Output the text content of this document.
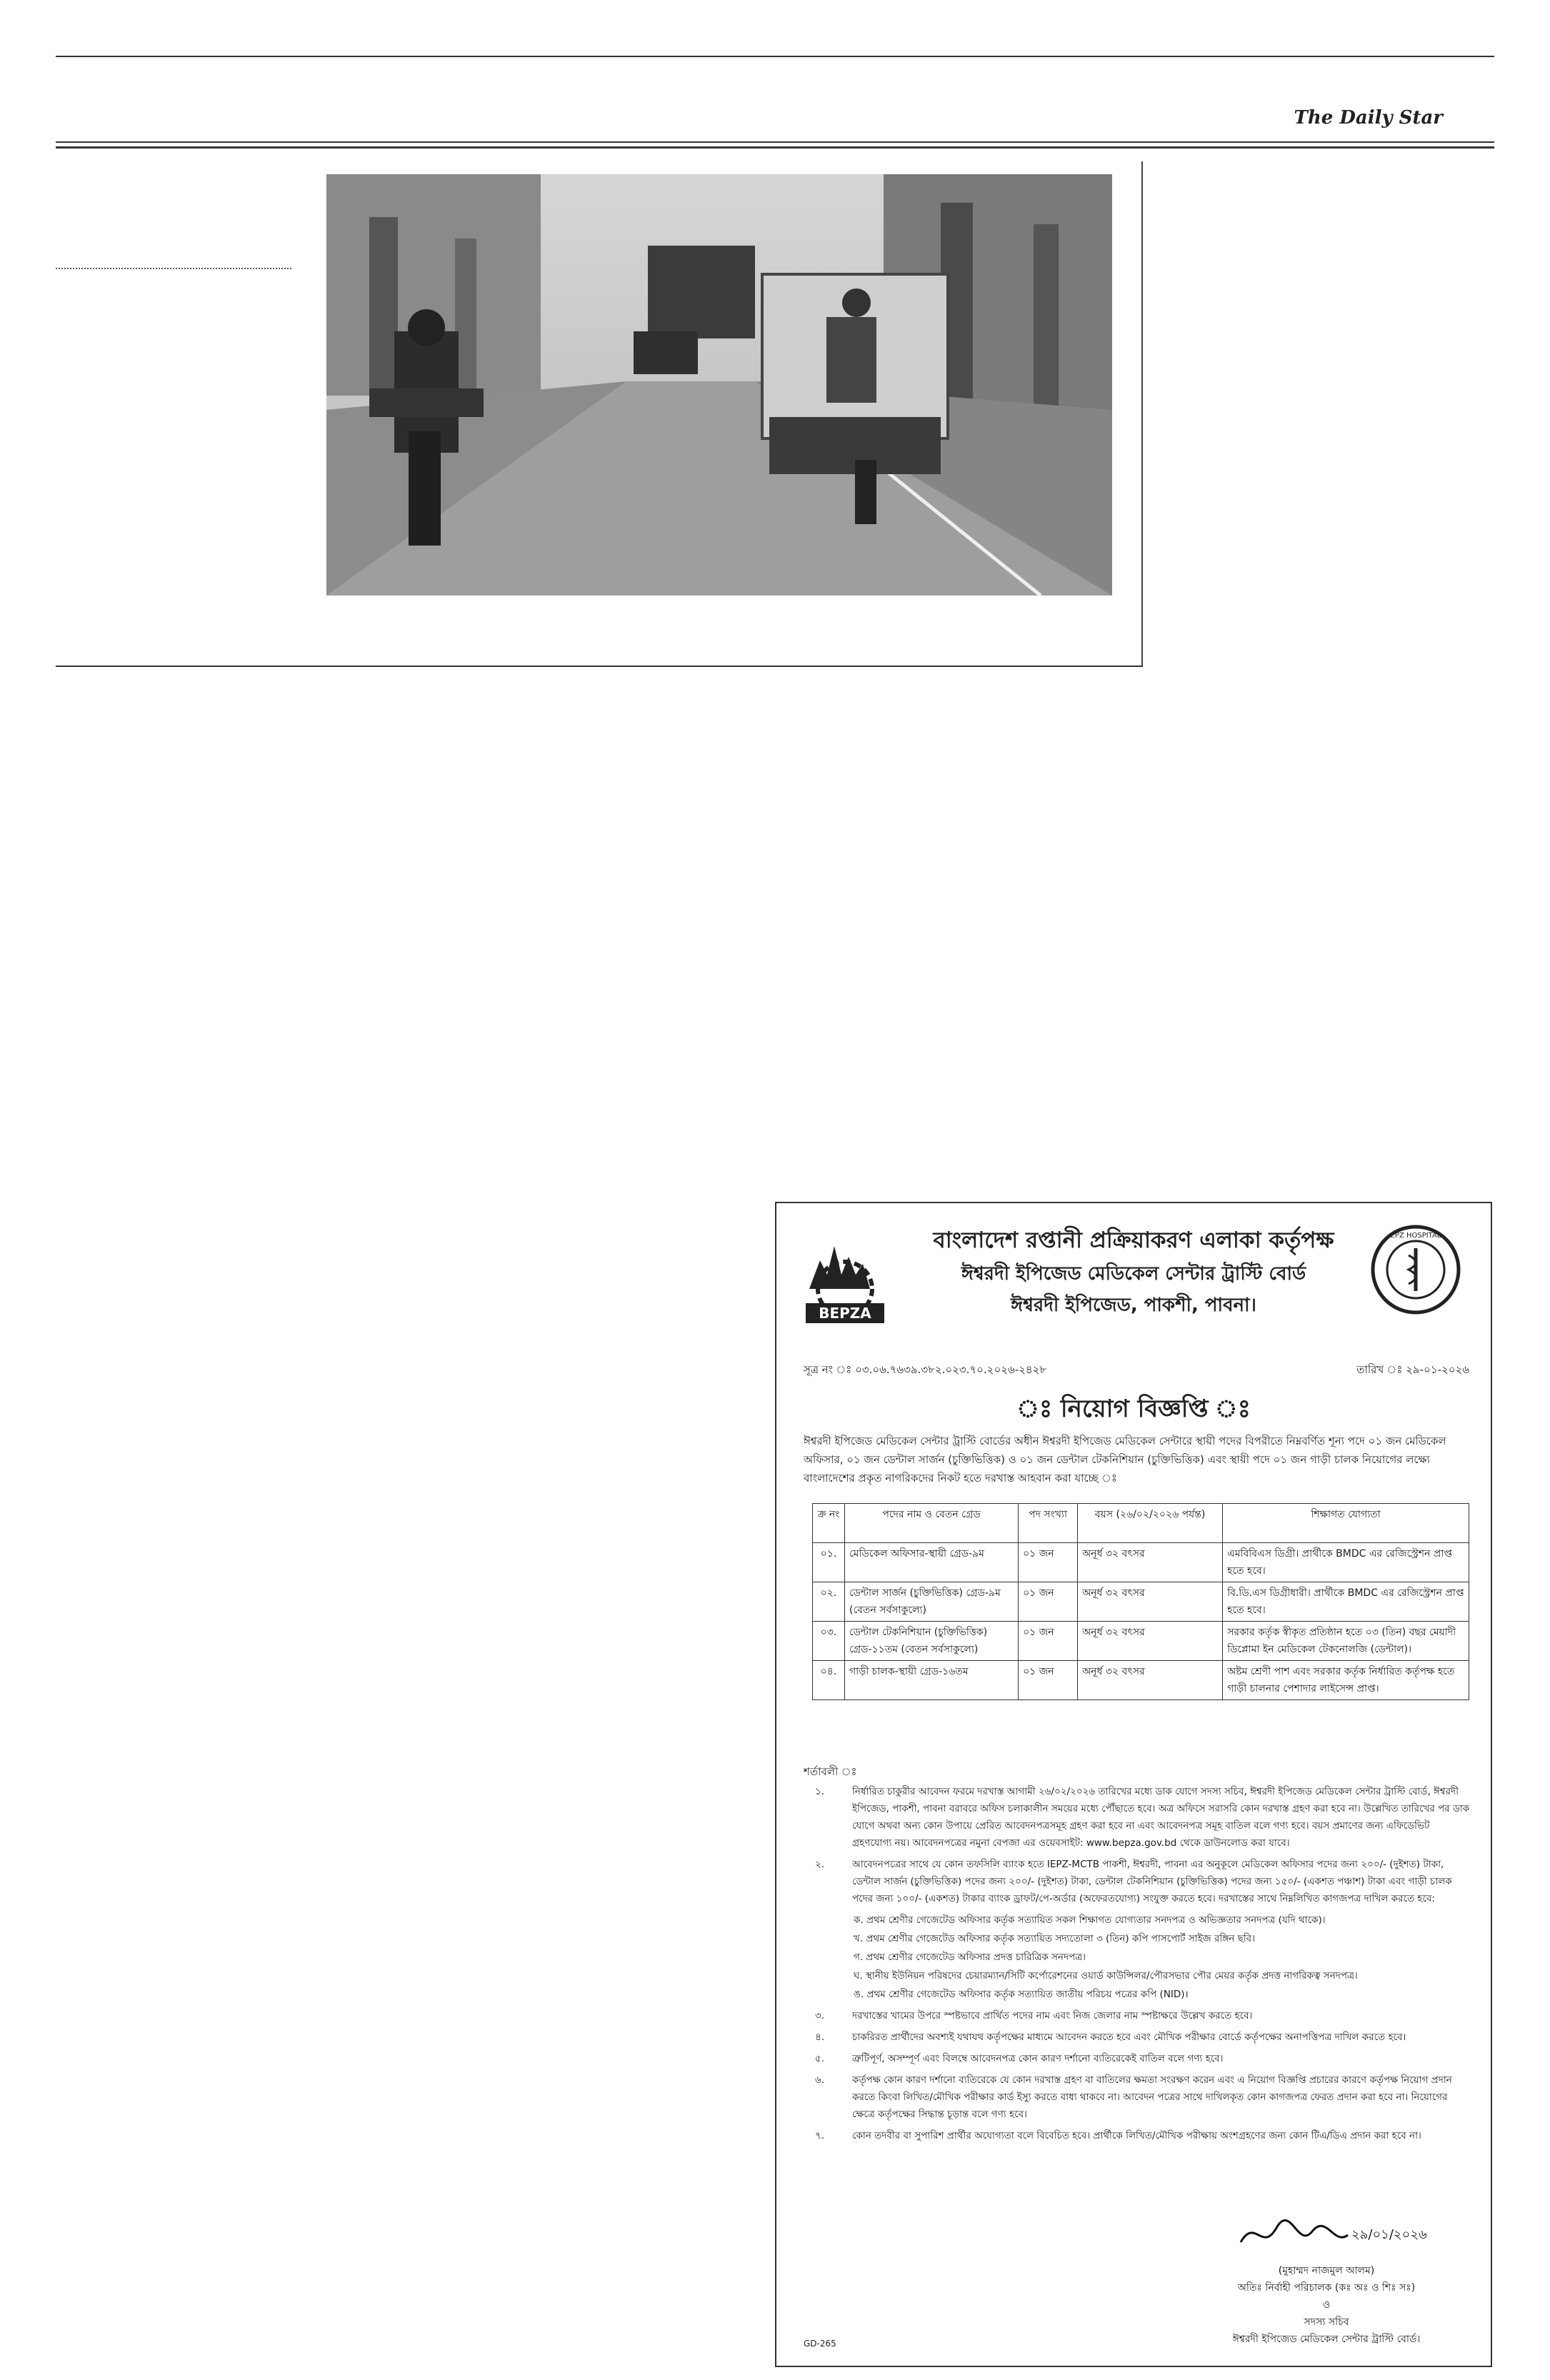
The Daily Star
BEPZA
বাংলাদেশ রপ্তানী প্রক্রিয়াকরণ এলাকা কর্তৃপক্ষ
ঈশ্বরদী ইপিজেড মেডিকেল সেন্টার ট্রাস্টি বোর্ড
ঈশ্বরদী ইপিজেড, পাকশী, পাবনা।
EPZ HOSPITAL
সূত্র নং ঃ ০৩.০৬.৭৬৩৯.৩৮২.০২৩.৭০.২০২৬-২৪২৮	তারিখ ঃ ২৯-০১-২০২৬
ঃ নিয়োগ বিজ্ঞপ্তি ঃ
ঈশ্বরদী ইপিজেড মেডিকেল সেন্টার ট্রাস্টি বোর্ডের অধীন ঈশ্বরদী ইপিজেড মেডিকেল সেন্টারে স্থায়ী পদের বিপরীতে নিম্নবর্ণিত শূন্য পদে ০১ জন মেডিকেল অফিসার, ০১ জন ডেন্টাল সার্জন (চুক্তিভিত্তিক) ও ০১ জন ডেন্টাল টেকনিশিয়ান (চুক্তিভিত্তিক) এবং স্থায়ী পদে ০১ জন গাড়ী চালক নিয়োগের লক্ষ্যে বাংলাদেশের প্রকৃত নাগরিকদের নিকট হতে দরখাস্ত আহবান করা যাচ্ছে ঃ
ক্র নং	পদের নাম ও বেতন গ্রেড	পদ সংখ্যা	বয়স (২৬/০২/২০২৬ পর্যন্ত)	শিক্ষাগত যোগ্যতা
০১.	মেডিকেল অফিসার-স্থায়ী গ্রেড-৯ম	০১ জন	অনূর্ধ ৩২ বৎসর	এমবিবিএস ডিগ্রী। প্রার্থীকে BMDC এর রেজিস্ট্রেশন প্রাপ্ত হতে হবে।
০২.	ডেন্টাল সার্জন (চুক্তিভিত্তিক) গ্রেড-৯ম (বেতন সর্বসাকুল্যে)	০১ জন	অনূর্ধ ৩২ বৎসর	বি.ডি.এস ডিগ্রীধারী। প্রার্থীকে BMDC এর রেজিস্ট্রেশন প্রাপ্ত হতে হবে।
০৩.	ডেন্টাল টেকনিশিয়ান (চুক্তিভিত্তিক) গ্রেড-১১তম (বেতন সর্বসাকুল্যে)	০১ জন	অনূর্ধ ৩২ বৎসর	সরকার কর্তৃক স্বীকৃত প্রতিষ্ঠান হতে ০৩ (তিন) বছর মেয়াদী ডিপ্লোমা ইন মেডিকেল টেকনোলজি (ডেন্টাল)।
০৪.	গাড়ী চালক-স্থায়ী গ্রেড-১৬তম	০১ জন	অনূর্ধ ৩২ বৎসর	অষ্টম শ্রেণী পাশ এবং সরকার কর্তৃক নির্ধারিত কর্তৃপক্ষ হতে গাড়ী চালনার পেশাদার লাইসেন্স প্রাপ্ত।
শর্তাবলী ঃ
১.	নির্ধারিত চাকুরীর আবেদন ফরমে দরখাস্ত আগামী ২৬/০২/২০২৬ তারিখের মধ্যে ডাক যোগে সদস্য সচিব, ঈশ্বরদী ইপিজেড মেডিকেল সেন্টার ট্রাস্টি বোর্ড, ঈশ্বরদী ইপিজেড, পাকশী, পাবনা বরাবরে অফিস চলাকালীন সময়ের মধ্যে পৌঁছাতে হবে। অত্র অফিসে সরাসরি কোন দরখাস্ত গ্রহণ করা হবে না। উল্লেখিত তারিখের পর ডাক যোগে অথবা অন্য কোন উপায়ে প্রেরিত আবেদনপত্রসমূহ গ্রহণ করা হবে না এবং আবেদনপত্র সমূহ বাতিল বলে গণ্য হবে। বয়স প্রমাণের জন্য এফিডেভিট গ্রহণযোগ্য নয়। আবেদনপত্রের নমুনা বেপজা এর ওয়েবসাইট: www.bepza.gov.bd থেকে ডাউনলোড করা যাবে।
২.	আবেদনপত্রের সাথে যে কোন তফসিলি ব্যাংক হতে IEPZ-MCTB পাকশী, ঈশ্বরদী, পাবনা এর অনুকূলে মেডিকেল অফিসার পদের জন্য ২০০/- (দুইশত) টাকা, ডেন্টাল সার্জন (চুক্তিভিত্তিক) পদের জন্য ২০০/- (দুইশত) টাকা, ডেন্টাল টেকনিশিয়ান (চুক্তিভিত্তিক) পদের জন্য ১৫০/- (একশত পঞ্চাশ) টাকা এবং গাড়ী চালক পদের জন্য ১০০/- (একশত) টাকার ব্যাংক ড্রাফট/পে-অর্ডার (অফেরতযোগ্য) সংযুক্ত করতে হবে। দরখাস্তের সাথে নিম্নলিখিত কাগজপত্র দাখিল করতে হবে:
ক. প্রথম শ্রেণীর গেজেটেড অফিসার কর্তৃক সত্যায়িত সকল শিক্ষাগত যোগ্যতার সনদপত্র ও অভিজ্ঞতার সনদপত্র (যদি থাকে)।
খ. প্রথম শ্রেণীর গেজেটেড অফিসার কর্তৃক সত্যায়িত সদ্যতোলা ৩ (তিন) কপি পাসপোর্ট সাইজ রঙ্গিন ছবি।
গ. প্রথম শ্রেণীর গেজেটেড অফিসার প্রদত্ত চারিত্রিক সনদপত্র।
ঘ. স্থানীয় ইউনিয়ন পরিষদের চেয়ারম্যান/সিটি কর্পোরেশনের ওয়ার্ড কাউন্সিলর/পৌরসভার পৌর মেয়র কর্তৃক প্রদত্ত নাগরিকত্ব সনদপত্র।
ঙ. প্রথম শ্রেণীর গেজেটেড অফিসার কর্তৃক সত্যায়িত জাতীয় পরিচয় পত্রের কপি (NID)।
৩.	দরখাস্তের খামের উপরে স্পষ্টভাবে প্রার্থিত পদের নাম এবং নিজ জেলার নাম স্পষ্টাক্ষরে উল্লেখ করতে হবে।
৪.	চাকরিরত প্রার্থীদের অবশ্যই যথাযথ কর্তৃপক্ষের মাধ্যমে আবেদন করতে হবে এবং মৌখিক পরীক্ষার বোর্ডে কর্তৃপক্ষের অনাপত্তিপত্র দাখিল করতে হবে।
৫.	ত্রুটিপূর্ণ, অসম্পূর্ণ এবং বিলম্বে আবেদনপত্র কোন কারণ দর্শানো ব্যতিরেকেই বাতিল বলে গণ্য হবে।
৬.	কর্তৃপক্ষ কোন কারণ দর্শানো ব্যতিরেকে যে কোন দরখাস্ত গ্রহণ বা বাতিলের ক্ষমতা সংরক্ষণ করেন এবং এ নিয়োগ বিজ্ঞপ্তি প্রচারের কারণে কর্তৃপক্ষ নিয়োগ প্রদান করতে কিংবা লিখিত/মৌখিক পরীক্ষার কার্ড ইস্যু করতে বাধ্য থাকবে না। আবেদন পত্রের সাথে দাখিলকৃত কোন কাগজপত্র ফেরত প্রদান করা হবে না। নিয়োগের ক্ষেত্রে কর্তৃপক্ষের সিদ্ধান্ত চূড়ান্ত বলে গণ্য হবে।
৭.	কোন তদবীর বা সুপারিশ প্রার্থীর অযোগ্যতা বলে বিবেচিত হবে। প্রার্থীকে লিখিত/মৌখিক পরীক্ষায় অংশগ্রহণের জন্য কোন টিএ/ডিএ প্রদান করা হবে না।
২৯/০১/২০২৬
(মুহাম্মদ নাজমুল আলম)
অতিঃ নির্বাহী পরিচালক (কঃ অঃ ও শিঃ সঃ)
ও
সদস্য সচিব
ঈশ্বরদী ইপিজেড মেডিকেল সেন্টার ট্রাস্টি বোর্ড।
GD-265
